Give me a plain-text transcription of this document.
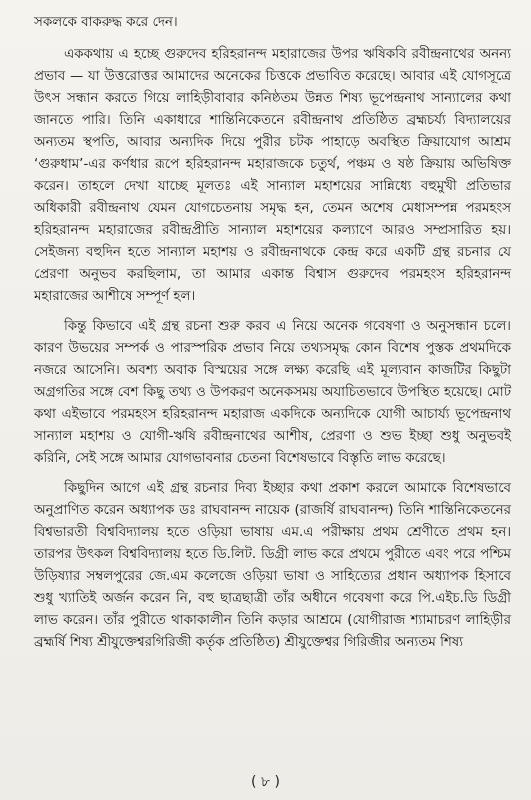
সকলকে বাকরুদ্ধ করে দেন।

এককথায় এ হচ্ছে গুরুদেব হরিহরানন্দ মহারাজের উপর ঋষিকবি রবীন্দ্রনাথের অনন্য প্রভাব — যা উত্তরোত্তর আমাদের অনেকের চিত্তকে প্রভাবিত করেছে। আবার এই যোগসূত্রে উৎস সন্ধান করতে গিয়ে লাহিড়ীবাবার কনিষ্ঠতম উন্নত শিষ্য ভূপেন্দ্রনাথ সান্যালের কথা জানতে পারি। তিনি একাধারে শান্তিনিকেতনে রবীন্দ্রনাথ প্রতিষ্ঠিত ব্রহ্মচর্য্য বিদ্যালয়ের অন্যতম স্থপতি, আবার অন্যদিক দিয়ে পুরীর চটক পাহাড়ে অবস্থিত ক্রিয়াযোগ আশ্রম ‘গুরুধাম’-এর কর্ণধার রূপে হরিহরানন্দ মহারাজকে চতুর্থ, পঞ্চম ও ষষ্ঠ ক্রিয়ায় অভিষিক্ত করেন। তাহলে দেখা যাচ্ছে মূলতঃ এই সান্যাল মহাশয়ের সান্নিধ্যে বহুমুখী প্রতিভার অধিকারী রবীন্দ্রনাথ যেমন যোগচেতনায় সমৃদ্ধ হন, তেমন অশেষ মেধাসম্পন্ন পরমহংস হরিহরানন্দ মহারাজের রবীন্দ্রপ্রীতি সান্যাল মহাশয়ের কল্যাণে আরও সম্প্রসারিত হয়। সেইজন্য বহুদিন হতে সান্যাল মহাশয় ও রবীন্দ্রনাথকে কেন্দ্র করে একটি গ্রন্থ রচনার যে প্রেরণা অনুভব করছিলাম, তা আমার একান্ত বিশ্বাস গুরুদেব পরমহংস হরিহরানন্দ মহারাজের আশীষে সম্পূর্ণ হল।

কিন্তু কিভাবে এই গ্রন্থ রচনা শুরু করব এ নিয়ে অনেক গবেষণা ও অনুসন্ধান চলে। কারণ উভয়ের সম্পর্ক ও পারস্পরিক প্রভাব নিয়ে তথ্যসমৃদ্ধ কোন বিশেষ পুস্তক প্রথমদিকে নজরে আসেনি। অবশ্য অবাক বিস্ময়ের সঙ্গে লক্ষ্য করেছি এই মূল্যবান কাজটির কিছুটা অগ্রগতির সঙ্গে বেশ কিছু তথ্য ও উপকরণ অনেকসময় অযাচিতভাবে উপস্থিত হয়েছে। মোট কথা এইভাবে পরমহংস হরিহরানন্দ মহারাজ একদিকে অন্যদিকে যোগী আচার্য্য ভূপেন্দ্রনাথ সান্যাল মহাশয় ও যোগী-ঋষি রবীন্দ্রনাথের আশীষ, প্রেরণা ও শুভ ইচ্ছা শুধু অনুভবই করিনি, সেই সঙ্গে আমার যোগভাবনার চেতনা বিশেষভাবে বিস্তৃতি লাভ করেছে।

কিছুদিন আগে এই গ্রন্থ রচনার দিব্য ইচ্ছার কথা প্রকাশ করলে আমাকে বিশেষভাবে অনুপ্রাণিত করেন অধ্যাপক ডঃ রাঘবানন্দ নায়েক (রাজর্ষি রাঘবানন্দ) তিনি শান্তিনিকেতনের বিশ্বভারতী বিশ্ববিদ্যালয় হতে ওড়িয়া ভাষায় এম.এ পরীক্ষায় প্রথম শ্রেণীতে প্রথম হন। তারপর উৎকল বিশ্ববিদ্যালয় হতে ডি.লিট. ডিগ্রী লাভ করে প্রথমে পুরীতে এবং পরে পশ্চিম উড়িষ্যার সম্বলপুরের জে.এম কলেজে ওড়িয়া ভাষা ও সাহিত্যের প্রধান অধ্যাপক হিসাবে শুধু খ্যাতিই অর্জন করেন নি, বহু ছাত্রছাত্রী তাঁর অধীনে গবেষণা করে পি.এইচ.ডি ডিগ্রী লাভ করেন। তাঁর পুরীতে থাকাকালীন তিনি কড়ার আশ্রমে (যোগীরাজ শ্যামাচরণ লাহিড়ীর ব্রহ্মর্ষি শিষ্য শ্রীযুক্তেশ্বরগিরিজী কর্তৃক প্রতিষ্ঠিত) শ্রীযুক্তেশ্বর গিরিজীর অন্যতম শিষ্য

( ৮ )
